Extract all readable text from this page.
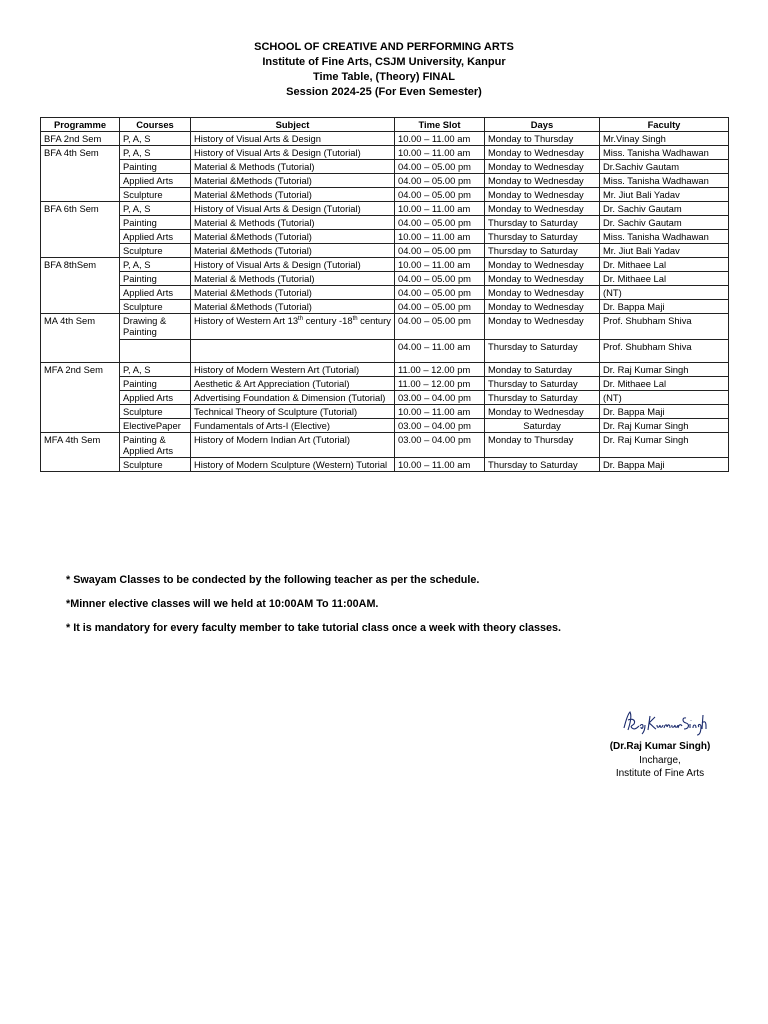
SCHOOL OF CREATIVE AND PERFORMING ARTS
Institute of Fine Arts, CSJM University, Kanpur
Time Table, (Theory) FINAL
Session 2024-25 (For Even Semester)
Programme	Courses	Subject	Time Slot	Days	Faculty
BFA 2nd Sem	P, A, S	History of Visual Arts & Design	10.00 – 11.00 am	Monday to Thursday	Mr.Vinay Singh
BFA 4th Sem	P, A, S	History of Visual Arts & Design (Tutorial)	10.00 – 11.00 am	Monday to Wednesday	Miss. Tanisha Wadhawan
	Painting	Material & Methods (Tutorial)	04.00 – 05.00 pm	Monday to Wednesday	Dr.Sachiv Gautam
	Applied Arts	Material &Methods (Tutorial)	04.00 – 05.00 pm	Monday to Wednesday	Miss. Tanisha Wadhawan
	Sculpture	Material &Methods (Tutorial)	04.00 – 05.00 pm	Monday to Wednesday	Mr. Jiut Bali Yadav
BFA 6th Sem	P, A, S	History of Visual Arts & Design (Tutorial)	10.00 – 11.00 am	Monday to Wednesday	Dr. Sachiv Gautam
	Painting	Material & Methods (Tutorial)	04.00 – 05.00 pm	Thursday to Saturday	Dr. Sachiv Gautam
	Applied Arts	Material &Methods (Tutorial)	10.00 – 11.00 am	Thursday to Saturday	Miss. Tanisha Wadhawan
	Sculpture	Material &Methods (Tutorial)	04.00 – 05.00 pm	Thursday to Saturday	Mr. Jiut Bali Yadav
BFA 8thSem	P, A, S	History of Visual Arts & Design (Tutorial)	10.00 – 11.00 am	Monday to Wednesday	Dr. Mithaee Lal
	Painting	Material & Methods (Tutorial)	04.00 – 05.00 pm	Monday to Wednesday	Dr. Mithaee Lal
	Applied Arts	Material &Methods (Tutorial)	04.00 – 05.00 pm	Monday to Wednesday	(NT)
	Sculpture	Material &Methods (Tutorial)	04.00 – 05.00 pm	Monday to Wednesday	Dr. Bappa Maji
MA 4th Sem	Drawing & Painting	History of Western Art 13th century -18th century	04.00 – 05.00 pm	Monday to Wednesday	Prof. Shubham Shiva
			04.00 – 11.00 am	Thursday to Saturday	Prof. Shubham Shiva
MFA 2nd Sem	P, A, S	History of Modern Western Art (Tutorial)	11.00 – 12.00 pm	Monday to Saturday	Dr. Raj Kumar Singh
	Painting	Aesthetic & Art Appreciation (Tutorial)	11.00 – 12.00 pm	Thursday to Saturday	Dr. Mithaee Lal
	Applied Arts	Advertising Foundation & Dimension (Tutorial)	03.00 – 04.00 pm	Thursday to Saturday	(NT)
	Sculpture	Technical Theory of Sculpture (Tutorial)	10.00 – 11.00 am	Monday to Wednesday	Dr. Bappa Maji
	ElectivePaper	Fundamentals of Arts-I (Elective)	03.00 – 04.00 pm	Saturday	Dr. Raj Kumar Singh
MFA 4th Sem	Painting & Applied Arts	History of Modern Indian Art (Tutorial)	03.00 – 04.00 pm	Monday to Thursday	Dr. Raj Kumar Singh
	Sculpture	History of Modern Sculpture (Western) Tutorial	10.00 – 11.00 am	Thursday to Saturday	Dr. Bappa Maji

* Swayam Classes to be condected by the following teacher as per the schedule.

*Minner elective classes will we held at 10:00AM To 11:00AM.

* It is mandatory for every faculty member to take tutorial class once a week with theory classes.

(Dr.Raj Kumar Singh)
Incharge,
Institute of Fine Arts
